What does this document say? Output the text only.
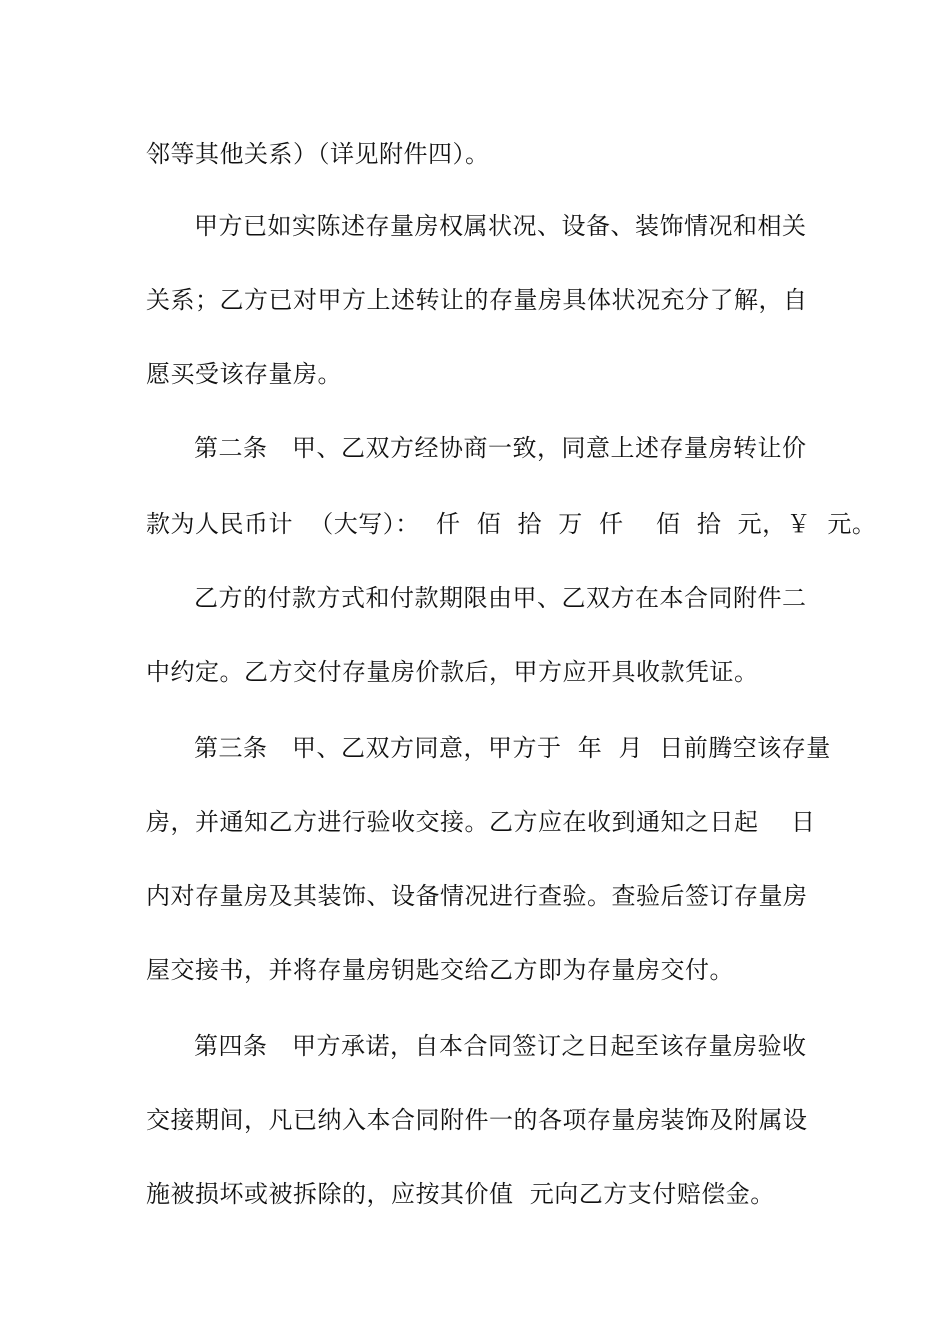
邻等其他关系）（详见附件四）。
甲方已如实陈述存量房权属状况、设备、装饰情况和相关
关系；乙方已对甲方上述转让的存量房具体状况充分了解，自
愿买受该存量房。
第二条　甲、乙双方经协商一致，同意上述存量房转让价
款为人民币计  （大写）：  仟  佰  拾  万  仟    佰  拾  元，￥  元。
乙方的付款方式和付款期限由甲、乙双方在本合同附件二
中约定。乙方交付存量房价款后，甲方应开具收款凭证。
第三条　甲、乙双方同意，甲方于  年  月  日前腾空该存量
房，并通知乙方进行验收交接。乙方应在收到通知之日起    日
内对存量房及其装饰、设备情况进行查验。查验后签订存量房
屋交接书，并将存量房钥匙交给乙方即为存量房交付。
第四条　甲方承诺，自本合同签订之日起至该存量房验收
交接期间，凡已纳入本合同附件一的各项存量房装饰及附属设
施被损坏或被拆除的，应按其价值  元向乙方支付赔偿金。
